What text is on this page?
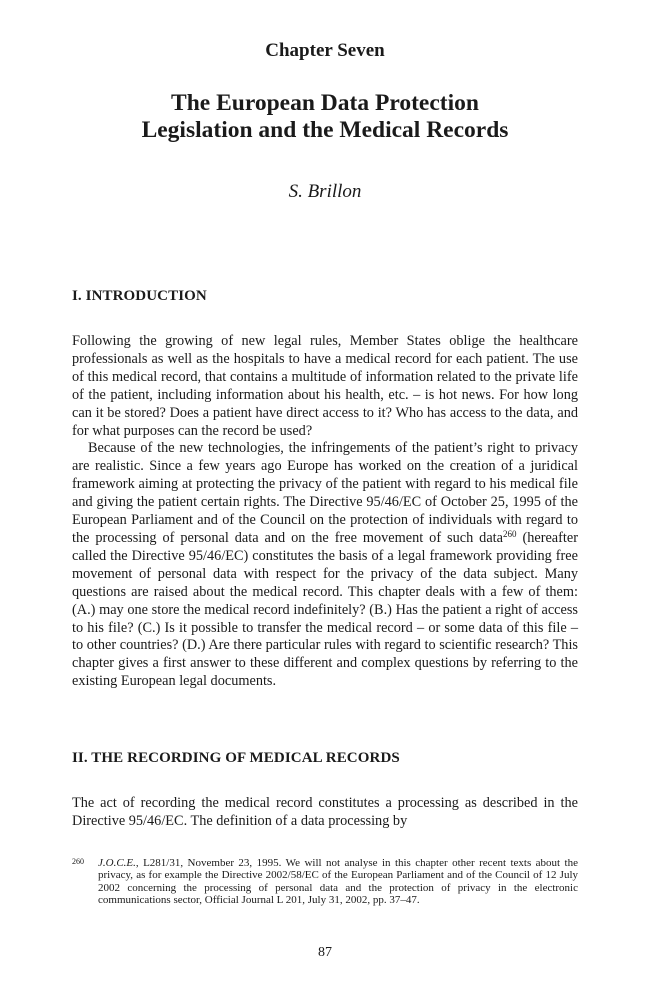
Chapter Seven
The European Data Protection
Legislation and the Medical Records
S. Brillon
I. INTRODUCTION

Following the growing of new legal rules, Member States oblige the healthcare professionals as well as the hospitals to have a medical record for each patient. The use of this medical record, that contains a multitude of information related to the private life of the patient, including information about his health, etc. – is hot news. For how long can it be stored? Does a patient have direct access to it? Who has access to the data, and for what purposes can the record be used?

Because of the new technologies, the infringements of the patient’s right to privacy are realistic. Since a few years ago Europe has worked on the creation of a juridical framework aiming at protecting the privacy of the patient with regard to his medical file and giving the patient certain rights. The Directive 95/46/EC of October 25, 1995 of the European Parliament and of the Council on the protection of individuals with regard to the processing of personal data and on the free movement of such data$^{260}$ (hereafter called the Directive 95/46/EC) constitutes the basis of a legal framework providing free movement of personal data with respect for the privacy of the data subject. Many questions are raised about the medical record. This chapter deals with a few of them: (A.) may one store the medical record indefinitely? (B.) Has the patient a right of access to his file? (C.) Is it possible to transfer the medical record – or some data of this file – to other countries? (D.) Are there particular rules with regard to scientific research? This chapter gives a first answer to these different and complex questions by referring to the existing European legal documents.

II. THE RECORDING OF MEDICAL RECORDS

The act of recording the medical record constitutes a processing as described in the Directive 95/46/EC. The definition of a data processing by

260 J.O.C.E., L281/31, November 23, 1995. We will not analyse in this chapter other recent texts about the privacy, as for example the Directive 2002/58/EC of the European Parliament and of the Council of 12 July 2002 concerning the processing of personal data and the protection of privacy in the electronic communications sector, Official Journal L 201, July 31, 2002, pp. 37–47.
87
